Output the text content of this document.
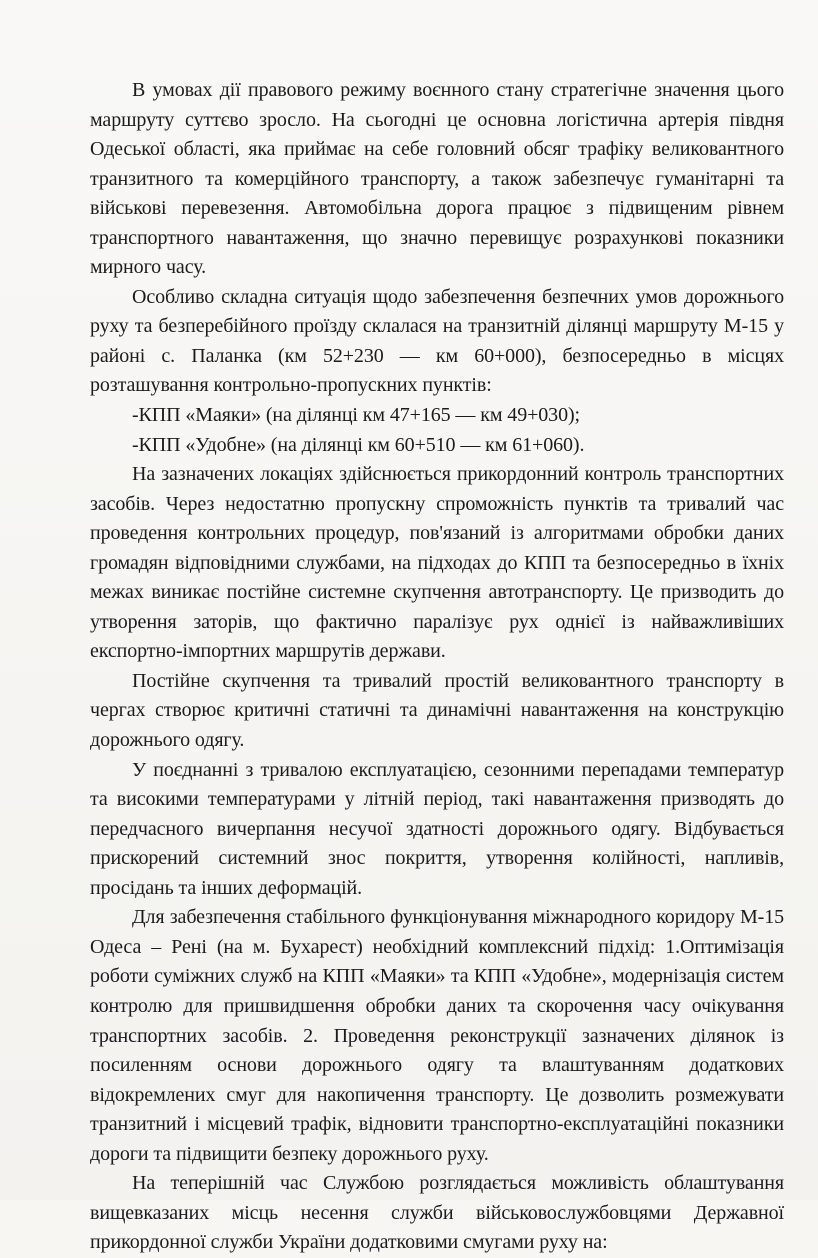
В умовах дії правового режиму воєнного стану стратегічне значення цього маршруту суттєво зросло. На сьогодні це основна логістична артерія півдня Одеської області, яка приймає на себе головний обсяг трафіку великовантного транзитного та комерційного транспорту, а також забезпечує гуманітарні та військові перевезення. Автомобільна дорога працює з підвищеним рівнем транспортного навантаження, що значно перевищує розрахункові показники мирного часу.

Особливо складна ситуація щодо забезпечення безпечних умов дорожнього руху та безперебійного проїзду склалася на транзитній ділянці маршруту М-15 у районі с. Паланка (км 52+230 — км 60+000), безпосередньо в місцях розташування контрольно-пропускних пунктів:

-КПП «Маяки» (на ділянці км 47+165 — км 49+030);

-КПП «Удобне» (на ділянці км 60+510 — км 61+060).

На зазначених локаціях здійснюється прикордонний контроль транспортних засобів. Через недостатню пропускну спроможність пунктів та тривалий час проведення контрольних процедур, пов'язаний із алгоритмами обробки даних громадян відповідними службами, на підходах до КПП та безпосередньо в їхніх межах виникає постійне системне скупчення автотранспорту. Це призводить до утворення заторів, що фактично паралізує рух однієї із найважливіших експортно-імпортних маршрутів держави.

Постійне скупчення та тривалий простій великовантного транспорту в чергах створює критичні статичні та динамічні навантаження на конструкцію дорожнього одягу.

У поєднанні з тривалою експлуатацією, сезонними перепадами температур та високими температурами у літній період, такі навантаження призводять до передчасного вичерпання несучої здатності дорожнього одягу. Відбувається прискорений системний знос покриття, утворення колійності, напливів, просідань та інших деформацій.

Для забезпечення стабільного функціонування міжнародного коридору М-15 Одеса – Рені (на м. Бухарест) необхідний комплексний підхід: 1.Оптимізація роботи суміжних служб на КПП «Маяки» та КПП «Удобне», модернізація систем контролю для пришвидшення обробки даних та скорочення часу очікування транспортних засобів. 2. Проведення реконструкції зазначених ділянок із посиленням основи дорожнього одягу та влаштуванням додаткових відокремлених смуг для накопичення транспорту. Це дозволить розмежувати транзитний і місцевий трафік, відновити транспортно-експлуатаційні показники дороги та підвищити безпеку дорожнього руху.

На теперішній час Службою розглядається можливість облаштування вищевказаних місць несення служби військовослужбовцями Державної прикордонної служби України додатковими смугами руху на:
